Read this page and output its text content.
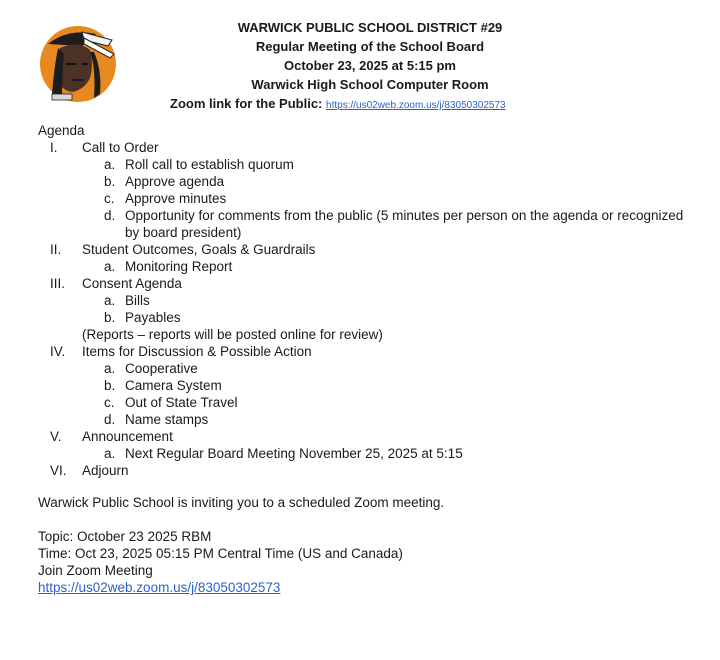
WARWICK PUBLIC SCHOOL DISTRICT #29
Regular Meeting of the School Board
October 23, 2025 at 5:15 pm
Warwick High School Computer Room
Zoom link for the Public: https://us02web.zoom.us/j/83050302573
Agenda
I. Call to Order
a. Roll call to establish quorum
b. Approve agenda
c. Approve minutes
d. Opportunity for comments from the public (5 minutes per person on the agenda or recognized by board president)
II. Student Outcomes, Goals & Guardrails
a. Monitoring Report
III. Consent Agenda
a. Bills
b. Payables
(Reports – reports will be posted online for review)
IV. Items for Discussion & Possible Action
a. Cooperative
b. Camera System
c. Out of State Travel
d. Name stamps
V. Announcement
a. Next Regular Board Meeting November 25, 2025 at 5:15
VI. Adjourn
Warwick Public School is inviting you to a scheduled Zoom meeting.
Topic: October 23 2025 RBM
Time: Oct 23, 2025 05:15 PM Central Time (US and Canada)
Join Zoom Meeting
https://us02web.zoom.us/j/83050302573
